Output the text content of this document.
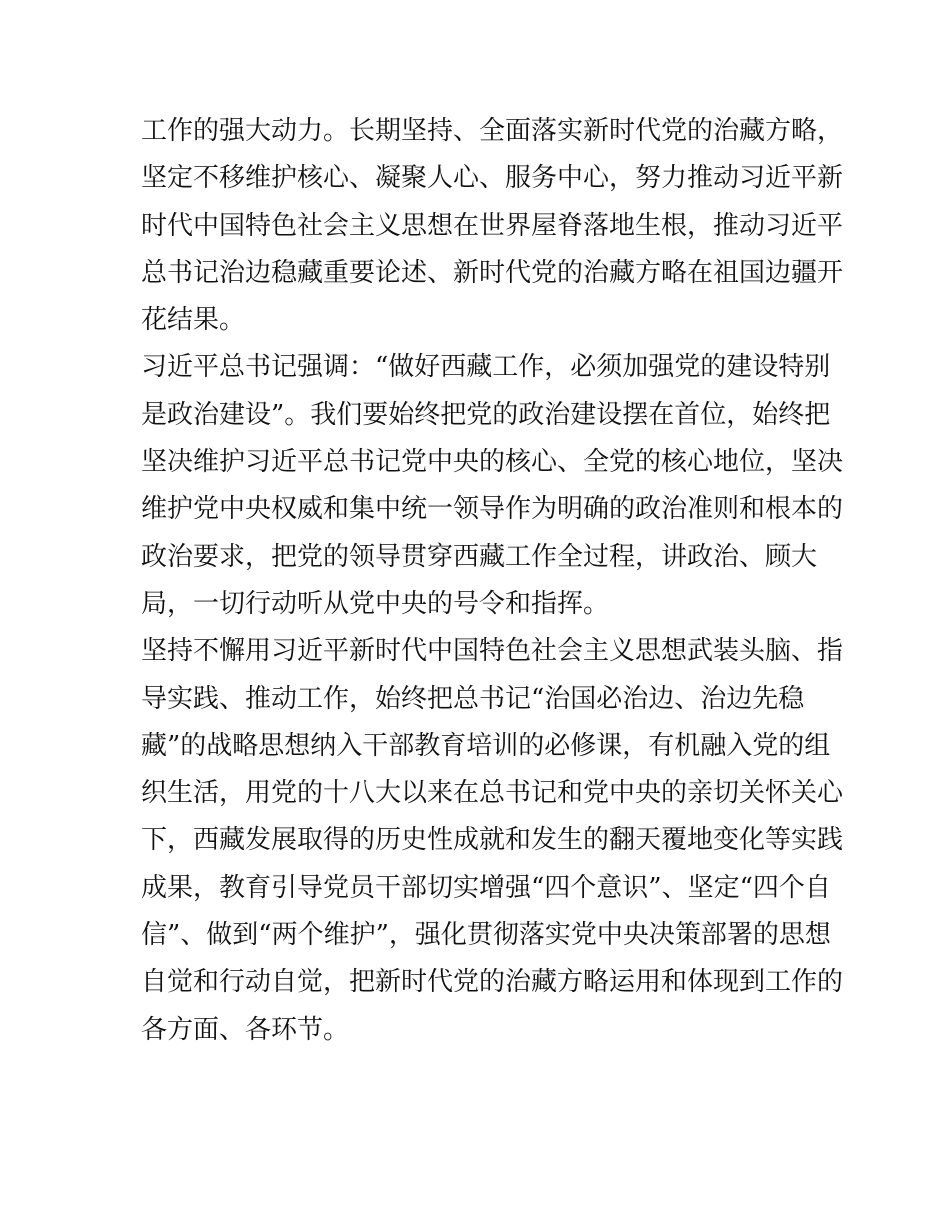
工作的强大动力。长期坚持、全面落实新时代党的治藏方略，
坚定不移维护核心、凝聚人心、服务中心，努力推动习近平新
时代中国特色社会主义思想在世界屋脊落地生根，推动习近平
总书记治边稳藏重要论述、新时代党的治藏方略在祖国边疆开
花结果。
习近平总书记强调：“做好西藏工作，必须加强党的建设特别
是政治建设”。我们要始终把党的政治建设摆在首位，始终把
坚决维护习近平总书记党中央的核心、全党的核心地位，坚决
维护党中央权威和集中统一领导作为明确的政治准则和根本的
政治要求，把党的领导贯穿西藏工作全过程，讲政治、顾大
局，一切行动听从党中央的号令和指挥。
坚持不懈用习近平新时代中国特色社会主义思想武装头脑、指
导实践、推动工作，始终把总书记“治国必治边、治边先稳
藏”的战略思想纳入干部教育培训的必修课，有机融入党的组
织生活，用党的十八大以来在总书记和党中央的亲切关怀关心
下，西藏发展取得的历史性成就和发生的翻天覆地变化等实践
成果，教育引导党员干部切实增强“四个意识”、坚定“四个自
信”、做到“两个维护”，强化贯彻落实党中央决策部署的思想
自觉和行动自觉，把新时代党的治藏方略运用和体现到工作的
各方面、各环节。
